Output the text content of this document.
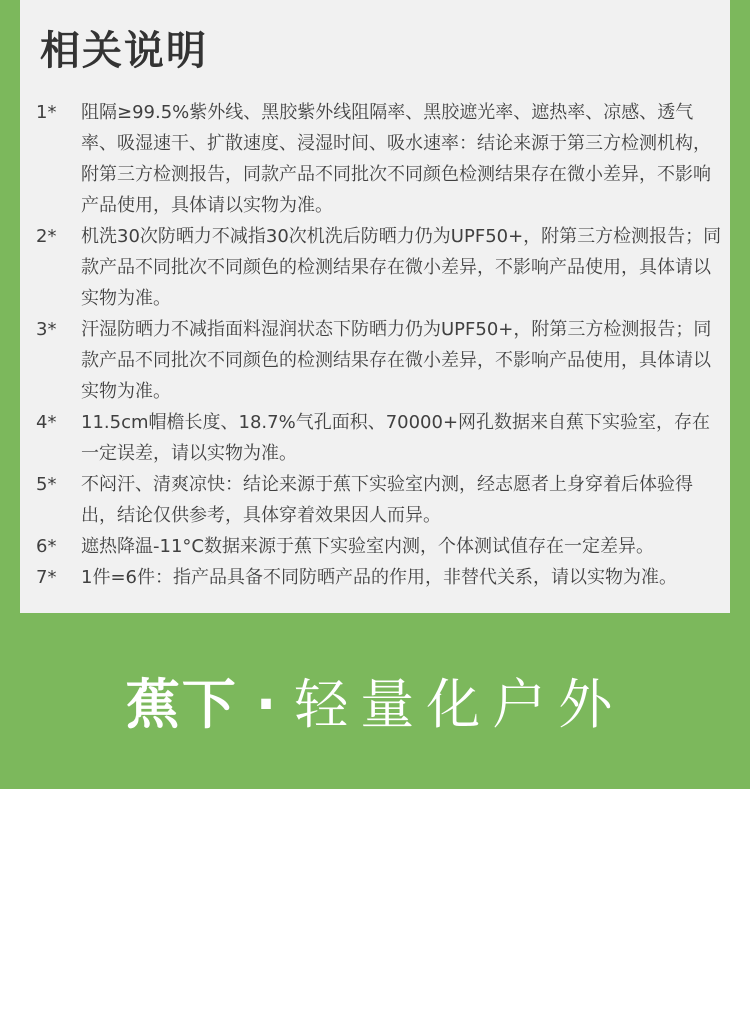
相关说明
1*	阻隔≥99.5%紫外线、黑胶紫外线阻隔率、黑胶遮光率、遮热率、凉感、透气率、吸湿速干、扩散速度、浸湿时间、吸水速率：结论来源于第三方检测机构，附第三方检测报告，同款产品不同批次不同颜色检测结果存在微小差异，不影响产品使用，具体请以实物为准。
2*	机洗30次防晒力不减指30次机洗后防晒力仍为UPF50+，附第三方检测报告；同款产品不同批次不同颜色的检测结果存在微小差异，不影响产品使用，具体请以实物为准。
3*	汗湿防晒力不减指面料湿润状态下防晒力仍为UPF50+，附第三方检测报告；同款产品不同批次不同颜色的检测结果存在微小差异，不影响产品使用，具体请以实物为准。
4*	11.5cm帽檐长度、18.7%气孔面积、70000+网孔数据来自蕉下实验室，存在一定误差，请以实物为准。
5*	不闷汗、清爽凉快：结论来源于蕉下实验室内测，经志愿者上身穿着后体验得出，结论仅供参考，具体穿着效果因人而异。
6*	遮热降温-11°C数据来源于蕉下实验室内测，个体测试值存在一定差异。
7*	1件=6件：指产品具备不同防晒产品的作用，非替代关系，请以实物为准。
蕉下 · 轻量化户外
